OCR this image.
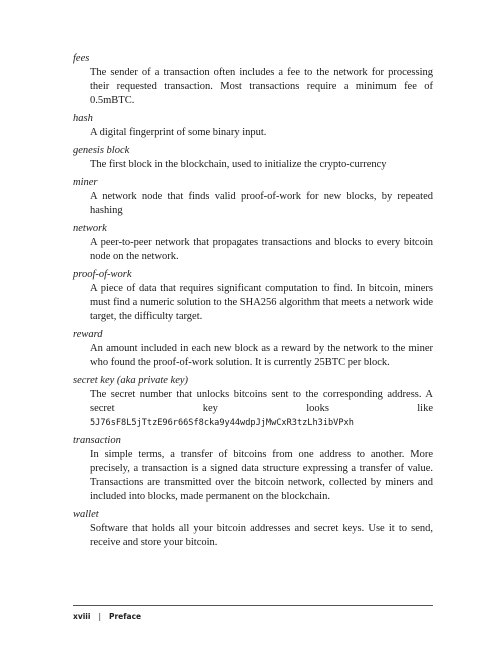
fees
The sender of a transaction often includes a fee to the network for processing their requested transaction. Most transactions require a minimum fee of 0.5mBTC.
hash
A digital fingerprint of some binary input.
genesis block
The first block in the blockchain, used to initialize the crypto-currency
miner
A network node that finds valid proof-of-work for new blocks, by repeated hashing
network
A peer-to-peer network that propagates transactions and blocks to every bitcoin node on the network.
proof-of-work
A piece of data that requires significant computation to find. In bitcoin, miners must find a numeric solution to the SHA256 algorithm that meets a network wide target, the difficulty target.
reward
An amount included in each new block as a reward by the network to the miner who found the proof-of-work solution. It is currently 25BTC per block.
secret key (aka private key)
The secret number that unlocks bitcoins sent to the corresponding address. A secret key looks like 5J76sF8L5jTtzE96r66Sf8cka9y44wdpJjMwCxR3tzLh3ibVPxh
transaction
In simple terms, a transfer of bitcoins from one address to another. More precisely, a transaction is a signed data structure expressing a transfer of value. Transactions are transmitted over the bitcoin network, collected by miners and included into blocks, made permanent on the blockchain.
wallet
Software that holds all your bitcoin addresses and secret keys. Use it to send, receive and store your bitcoin.
xviii | Preface
